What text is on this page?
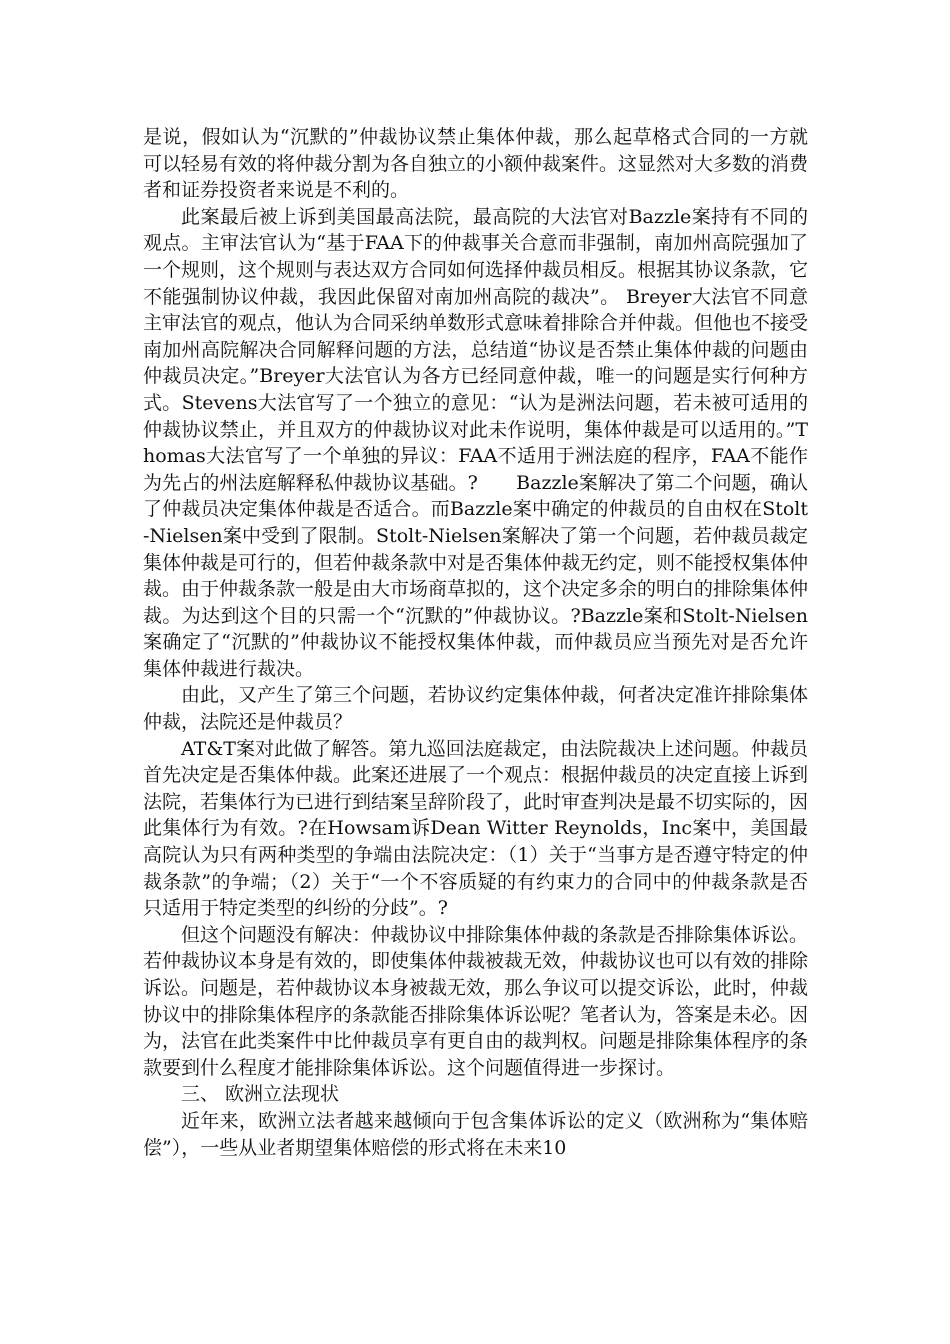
是说，假如认为“沉默的”仲裁协议禁止集体仲裁，那么起草格式合同的一方就可以轻易有效的将仲裁分割为各自独立的小额仲裁案件。这显然对大多数的消费者和证券投资者来说是不利的。

此案最后被上诉到美国最高法院，最高院的大法官对Bazzle案持有不同的观点。主审法官认为“基于FAA下的仲裁事关合意而非强制，南加州高院强加了一个规则，这个规则与表达双方合同如何选择仲裁员相反。根据其协议条款，它不能强制协议仲裁，我因此保留对南加州高院的裁决”。 Breyer大法官不同意主审法官的观点，他认为合同采纳单数形式意味着排除合并仲裁。但他也不接受南加州高院解决合同解释问题的方法，总结道“协议是否禁止集体仲裁的问题由仲裁员决定。”Breyer大法官认为各方已经同意仲裁，唯一的问题是实行何种方式。Stevens大法官写了一个独立的意见：“认为是洲法问题，若未被可适用的仲裁协议禁止，并且双方的仲裁协议对此未作说明，集体仲裁是可以适用的。”Thomas大法官写了一个单独的异议：FAA不适用于洲法庭的程序，FAA不能作为先占的州法庭解释私仲裁协议基础。?　　Bazzle案解决了第二个问题，确认了仲裁员决定集体仲裁是否适合。而Bazzle案中确定的仲裁员的自由权在Stolt-Nielsen案中受到了限制。Stolt-Nielsen案解决了第一个问题，若仲裁员裁定集体仲裁是可行的，但若仲裁条款中对是否集体仲裁无约定，则不能授权集体仲裁。由于仲裁条款一般是由大市场商草拟的，这个决定多余的明白的排除集体仲裁。为达到这个目的只需一个“沉默的”仲裁协议。?Bazzle案和Stolt-Nielsen案确定了“沉默的”仲裁协议不能授权集体仲裁，而仲裁员应当预先对是否允许集体仲裁进行裁决。

由此，又产生了第三个问题，若协议约定集体仲裁，何者决定准许排除集体仲裁，法院还是仲裁员？

AT&T案对此做了解答。第九巡回法庭裁定，由法院裁决上述问题。仲裁员首先决定是否集体仲裁。此案还进展了一个观点：根据仲裁员的决定直接上诉到法院，若集体行为已进行到结案呈辞阶段了，此时审查判决是最不切实际的，因此集体行为有效。?在Howsam诉Dean Witter Reynolds，Inc案中，美国最高院认为只有两种类型的争端由法院决定：（1）关于“当事方是否遵守特定的仲裁条款”的争端；（2）关于“一个不容质疑的有约束力的合同中的仲裁条款是否只适用于特定类型的纠纷的分歧”。?

但这个问题没有解决：仲裁协议中排除集体仲裁的条款是否排除集体诉讼。若仲裁协议本身是有效的，即使集体仲裁被裁无效，仲裁协议也可以有效的排除诉讼。问题是，若仲裁协议本身被裁无效，那么争议可以提交诉讼，此时，仲裁协议中的排除集体程序的条款能否排除集体诉讼呢？笔者认为，答案是未必。因为，法官在此类案件中比仲裁员享有更自由的裁判权。问题是排除集体程序的条款要到什么程度才能排除集体诉讼。这个问题值得进一步探讨。

三、 欧洲立法现状

近年来，欧洲立法者越来越倾向于包含集体诉讼的定义（欧洲称为“集体赔偿”），一些从业者期望集体赔偿的形式将在未来10
